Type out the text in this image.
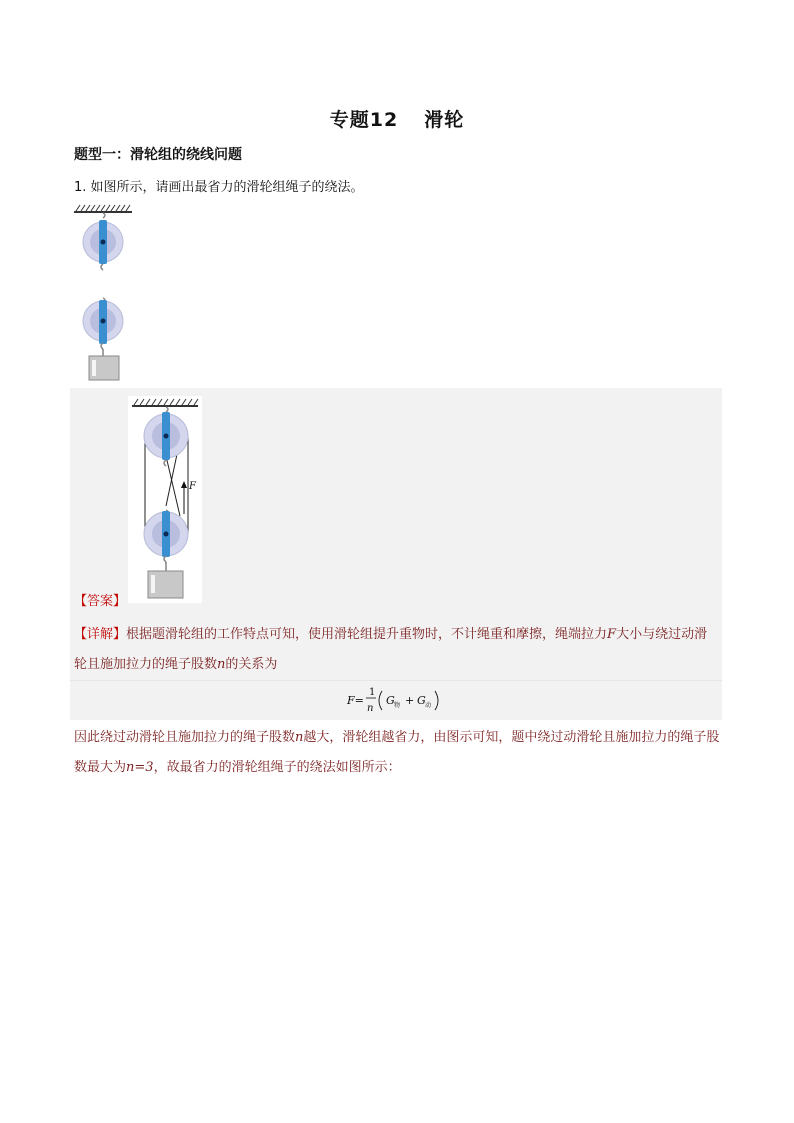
专题12 滑轮
题型一：滑轮组的绕线问题
1. 如图所示，请画出最省力的滑轮组绳子的绕法。
F
【答案】
【详解】根据题滑轮组的工作特点可知，使用滑轮组提升重物时，不计绳重和摩擦，绳端拉力F大小与绕过动滑轮且施加拉力的绳子股数n的关系为
F=
1
n
G 物 + G 动
因此绕过动滑轮且施加拉力的绳子股数n越大，滑轮组越省力，由图示可知，题中绕过动滑轮且施加拉力的绳子股数最大为n=3，故最省力的滑轮组绳子的绕法如图所示：
